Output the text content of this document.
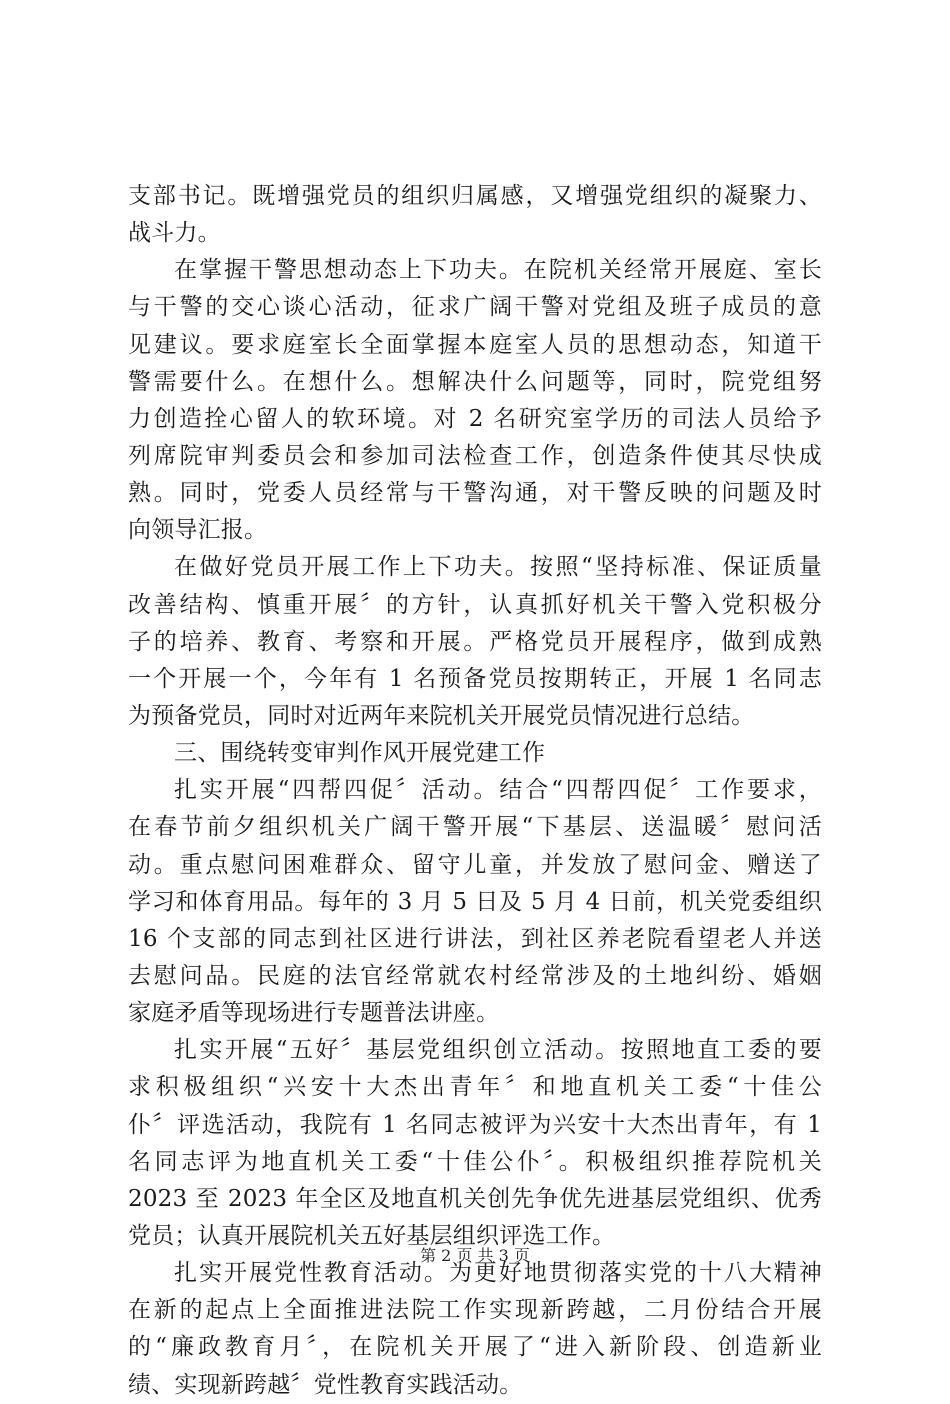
支部书记。既增强党员的组织归属感，又增强党组织的凝聚力、
战斗力。
在掌握干警思想动态上下功夫。在院机关经常开展庭、室长
与干警的交心谈心活动，征求广阔干警对党组及班子成员的意
见建议。要求庭室长全面掌握本庭室人员的思想动态，知道干
警需要什么。在想什么。想解决什么问题等，同时，院党组努
力创造拴心留人的软环境。对 2 名研究室学历的司法人员给予
列席院审判委员会和参加司法检查工作，创造条件使其尽快成
熟。同时，党委人员经常与干警沟通，对干警反映的问题及时
向领导汇报。
在做好党员开展工作上下功夫。按照“坚持标准、保证质量
改善结构、慎重开展〞的方针，认真抓好机关干警入党积极分
子的培养、教育、考察和开展。严格党员开展程序，做到成熟
一个开展一个，今年有 1 名预备党员按期转正，开展 1 名同志
为预备党员，同时对近两年来院机关开展党员情况进行总结。
三、围绕转变审判作风开展党建工作
扎实开展“四帮四促〞活动。结合“四帮四促〞工作要求，
在春节前夕组织机关广阔干警开展“下基层、送温暖〞慰问活
动。重点慰问困难群众、留守儿童，并发放了慰问金、赠送了
学习和体育用品。每年的 3 月 5 日及 5 月 4 日前，机关党委组织
16 个支部的同志到社区进行讲法，到社区养老院看望老人并送
去慰问品。民庭的法官经常就农村经常涉及的土地纠纷、婚姻
家庭矛盾等现场进行专题普法讲座。
扎实开展“五好〞基层党组织创立活动。按照地直工委的要
求积极组织“兴安十大杰出青年〞和地直机关工委“十佳公
仆〞评选活动，我院有 1 名同志被评为兴安十大杰出青年，有 1
名同志评为地直机关工委“十佳公仆〞。积极组织推荐院机关
2023 至 2023 年全区及地直机关创先争优先进基层党组织、优秀
党员；认真开展院机关五好基层组织评选工作。
扎实开展党性教育活动。为更好地贯彻落实党的十八大精神
在新的起点上全面推进法院工作实现新跨越，二月份结合开展
的“廉政教育月〞，在院机关开展了“进入新阶段、创造新业
绩、实现新跨越〞党性教育实践活动。
第 2 页 共 3 页
